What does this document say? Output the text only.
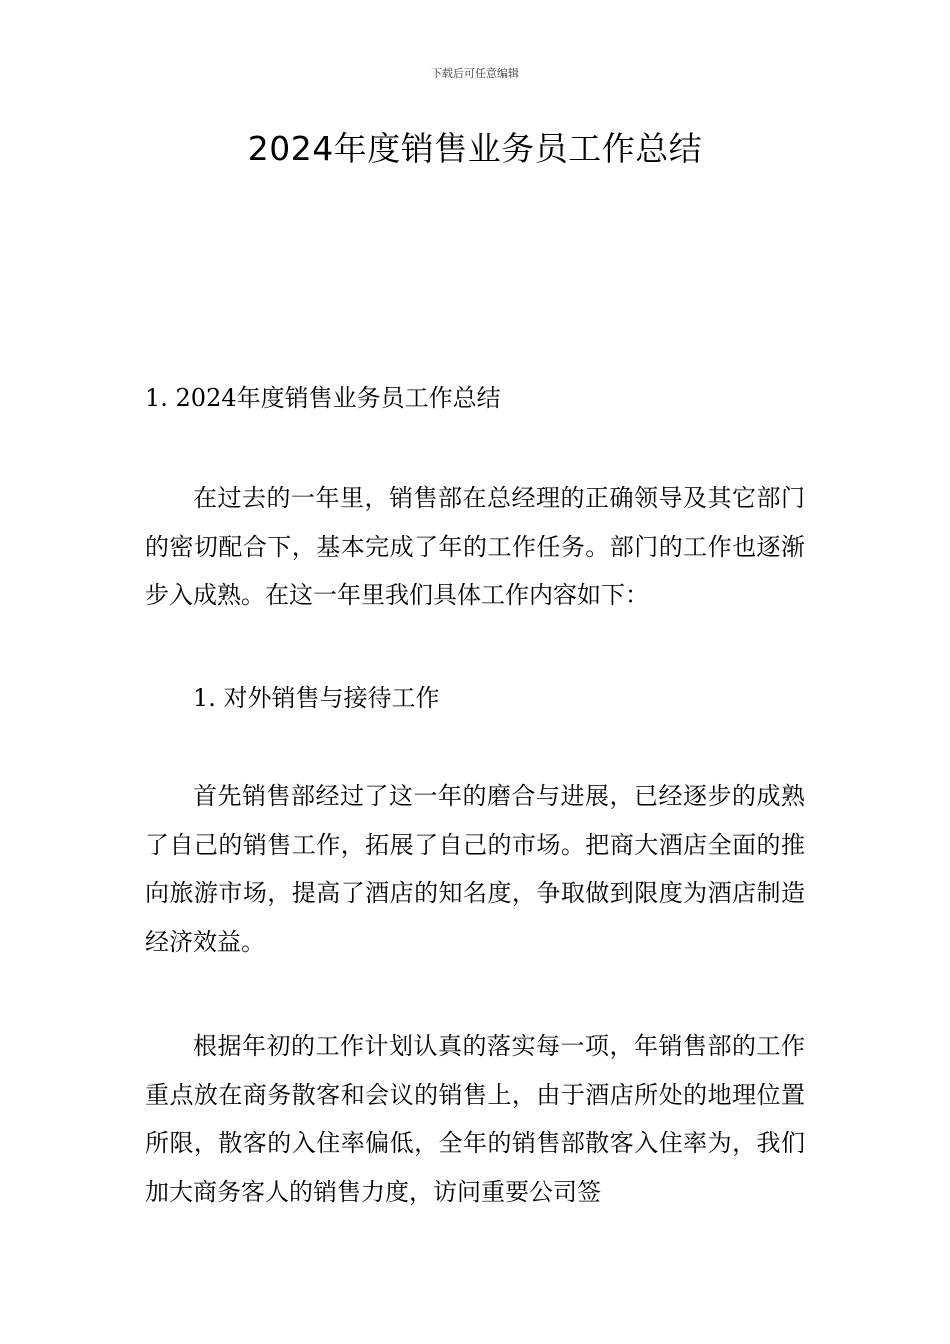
下载后可任意编辑
2024年度销售业务员工作总结
1. 2024年度销售业务员工作总结

在过去的一年里，销售部在总经理的正确领导及其它部门的密切配合下，基本完成了年的工作任务。部门的工作也逐渐步入成熟。在这一年里我们具体工作内容如下：

1. 对外销售与接待工作

首先销售部经过了这一年的磨合与进展，已经逐步的成熟了自己的销售工作，拓展了自己的市场。把商大酒店全面的推向旅游市场，提高了酒店的知名度，争取做到限度为酒店制造经济效益。

根据年初的工作计划认真的落实每一项，年销售部的工作重点放在商务散客和会议的销售上，由于酒店所处的地理位置所限，散客的入住率偏低，全年的销售部散客入住率为，我们加大商务客人的销售力度，访问重要公司签
